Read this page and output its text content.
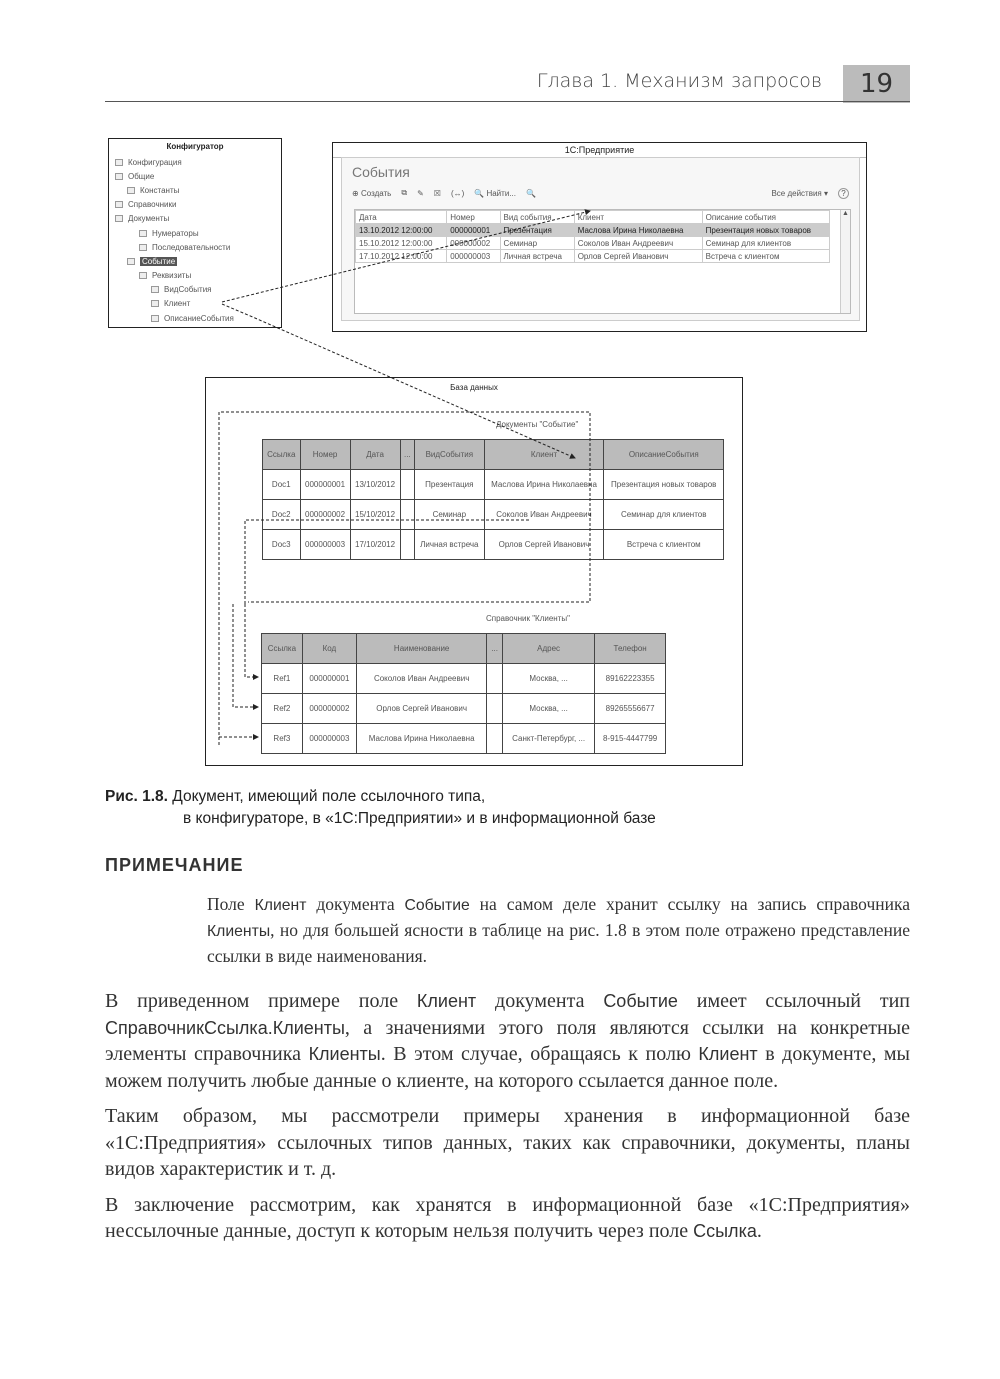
Глава 1. Механизм запросов	19
Конфигуратор
Конфигурация
Общие
Константы
Справочники
Документы
Нумераторы
Последовательности
Событие
Реквизиты
ВидСобытия
Клиент
ОписаниеСобытия
1С:Предприятие
События
⊕ Создать ⧉ ✎ ☒ (↔) 🔍 Найти... 🔍	Все действия ▾	?
Дата	Номер	Вид события	Клиент	Описание события
13.10.2012 12:00:00	000000001	Презентация	Маслова Ирина Николаевна	Презентация новых товаров
15.10.2012 12:00:00	000000002	Семинар	Соколов Иван Андреевич	Семинар для клиентов
17.10.2012 12:00:00	000000003	Личная встреча	Орлов Сергей Иванович	Встреча с клиентом
▲
База данных
Документы "Событие"
Ссылка	Номер	Дата	...	ВидСобытия	Клиент	ОписаниеСобытия
Doc1	000000001	13/10/2012		Презентация	Маслова Ирина Николаевна	Презентация новых товаров
Doc2	000000002	15/10/2012		Семинар	Соколов Иван Андреевич	Семинар для клиентов
Doc3	000000003	17/10/2012		Личная встреча	Орлов Сергей Иванович	Встреча с клиентом
Справочник "Клиенты"
Ссылка	Код	Наименование	...	Адрес	Телефон
Ref1	000000001	Соколов Иван Андреевич		Москва, ...	89162223355
Ref2	000000002	Орлов Сергей Иванович		Москва, ...	89265556677
Ref3	000000003	Маслова Ирина Николаевна		Санкт-Петербург, ...	8-915-4447799
Рис. 1.8. Документ, имеющий поле ссылочного типа,
в конфигураторе, в «1С:Предприятии» и в информационной базе
ПРИМЕЧАНИЕ
Поле Клиент документа Событие на самом деле хранит ссылку на запись справочника Клиенты, но для большей ясности в таблице на рис. 1.8 в этом поле отражено представление ссылки в виде наименования.

В приведенном примере поле Клиент документа Событие имеет ссылочный тип СправочникСсылка.Клиенты, а значениями этого поля являются ссылки на конкретные элементы справочника Клиенты. В этом случае, обращаясь к полю Клиент в документе, мы можем получить любые данные о клиенте, на которого ссылается данное поле.

Таким образом, мы рассмотрели примеры хранения в информационной базе «1С:Предприятия» ссылочных типов данных, таких как справочники, документы, планы видов характеристик и т. д.

В заключение рассмотрим, как хранятся в информационной базе «1С:Предприятия» нессылочные данные, доступ к которым нельзя получить через поле Ссылка.
